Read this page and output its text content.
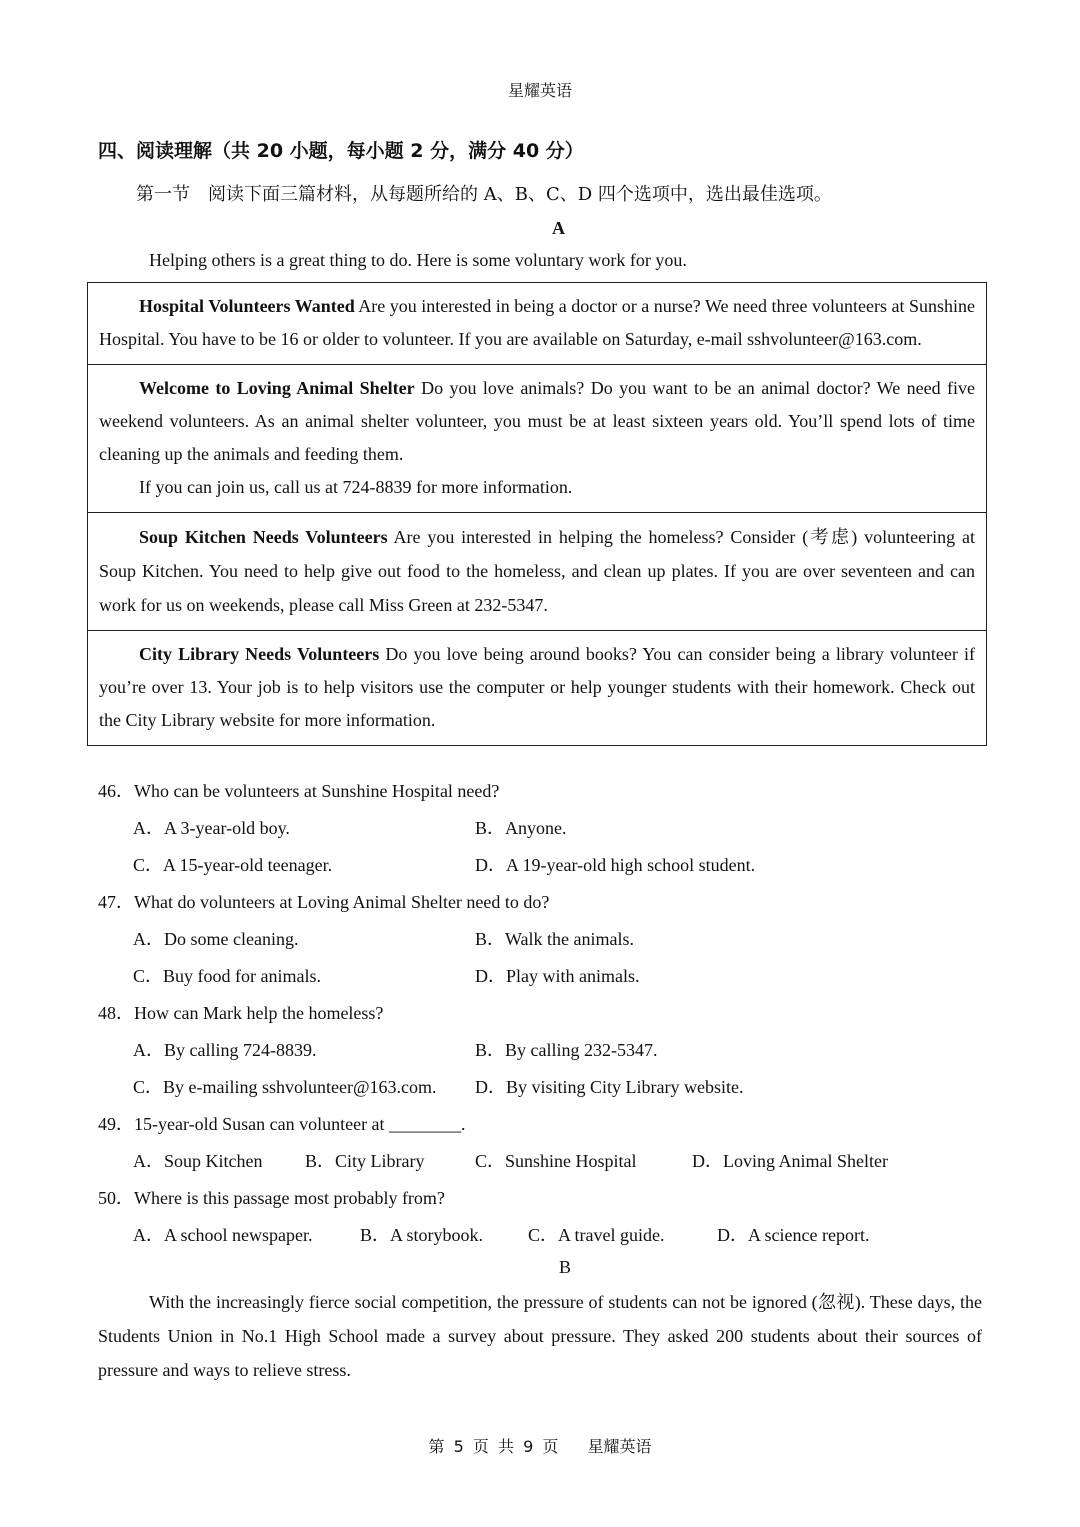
星耀英语
四、阅读理解（共 20 小题，每小题 2 分，满分 40 分）
第一节　阅读下面三篇材料，从每题所给的 A、B、C、D 四个选项中，选出最佳选项。
A
Helping others is a great thing to do. Here is some voluntary work for you.
Hospital Volunteers Wanted Are you interested in being a doctor or a nurse? We need three volunteers at Sunshine Hospital. You have to be 16 or older to volunteer. If you are available on Saturday, e-mail sshvolunteer@163.com.
Welcome to Loving Animal Shelter Do you love animals? Do you want to be an animal doctor? We need five weekend volunteers. As an animal shelter volunteer, you must be at least sixteen years old. You’ll spend lots of time cleaning up the animals and feeding them.
If you can join us, call us at 724-8839 for more information.
Soup Kitchen Needs Volunteers Are you interested in helping the homeless? Consider (考虑) volunteering at Soup Kitchen. You need to help give out food to the homeless, and clean up plates. If you are over seventeen and can work for us on weekends, please call Miss Green at 232-5347.
City Library Needs Volunteers Do you love being around books? You can consider being a library volunteer if you’re over 13. Your job is to help visitors use the computer or help younger students with their homework. Check out the City Library website for more information.
46．Who can be volunteers at Sunshine Hospital need?
A．A 3-year-old boy.	B．Anyone.
C．A 15-year-old teenager.	D．A 19-year-old high school student.
47．What do volunteers at Loving Animal Shelter need to do?
A．Do some cleaning.	B．Walk the animals.
C．Buy food for animals.	D．Play with animals.
48．How can Mark help the homeless?
A．By calling 724-8839.	B．By calling 232-5347.
C．By e-mailing sshvolunteer@163.com. D．By visiting City Library website.
49．15-year-old Susan can volunteer at ________.
A．Soup Kitchen B．City Library	C．Sunshine Hospital	D．Loving Animal Shelter
50．Where is this passage most probably from?
A．A school newspaper.	B．A storybook. C．A travel guide.	D．A science report.
B
With the increasingly fierce social competition, the pressure of students can not be ignored (忽视). These days, the Students Union in No.1 High School made a survey about pressure. They asked 200 students about their sources of pressure and ways to relieve stress.
第 5 页 共 9 页 星耀英语
